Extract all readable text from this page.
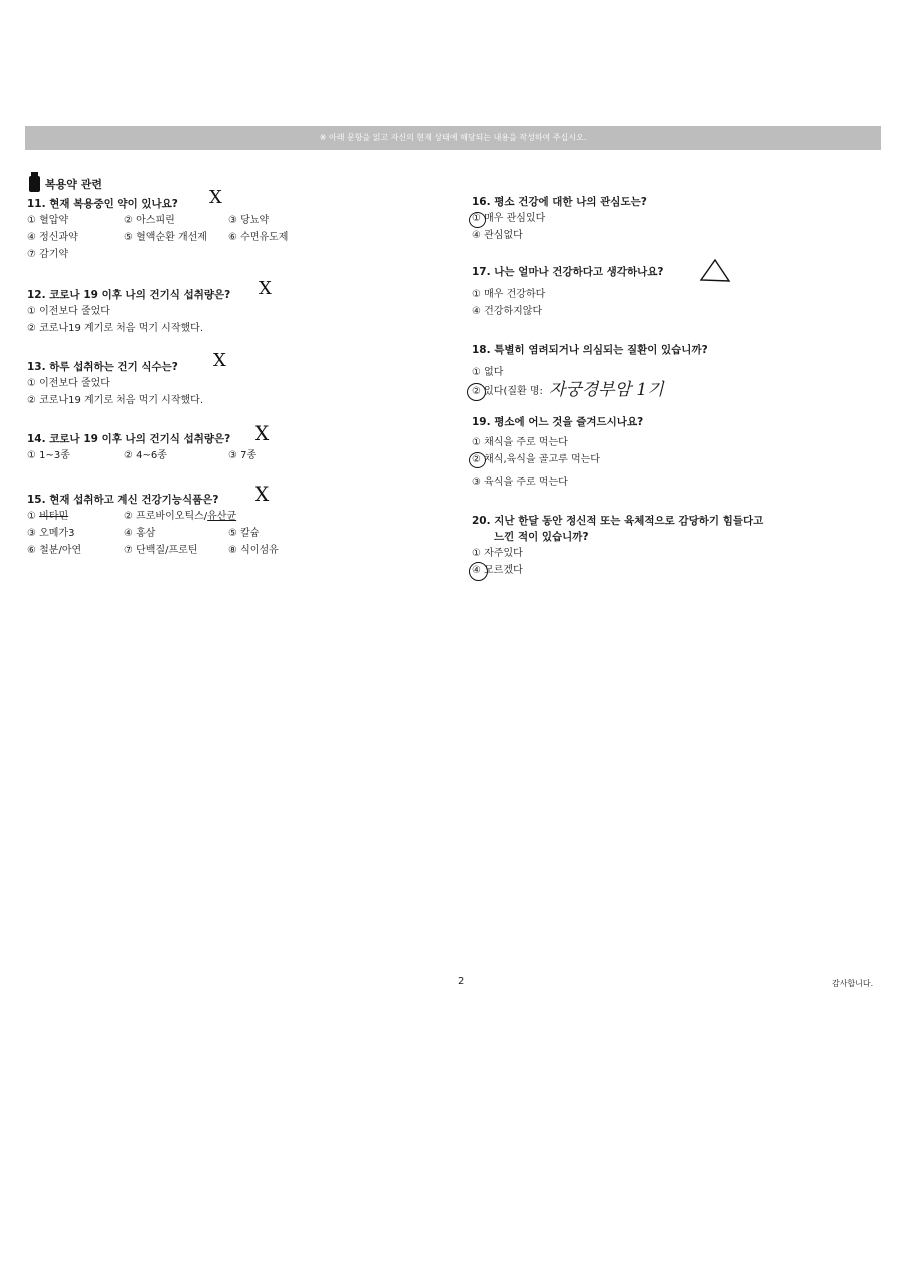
※ 아래 문항을 읽고 자신의 현재 상태에 해당되는 내용을 작성하여 주십시오.
복용약 관련
11. 현재 복용중인 약이 있나요? X
① 혈압약	② 아스피린	③ 당뇨약
④ 정신과약	⑤ 혈액순환 개선제	⑥ 수면유도제
⑦ 감기약
12. 코로나 19 이후 나의 건기식 섭취량은? X
① 이전보다 줄었다
② 코로나19 계기로 처음 먹기 시작했다.
13. 하루 섭취하는 건기 식수는? X
① 이전보다 줄었다
② 코로나19 계기로 처음 먹기 시작했다.
14. 코로나 19 이후 나의 건기식 섭취량은? X
① 1~3종	② 4~6종	③ 7종
15. 현재 섭취하고 계신 건강기능식품은? X
① 비타민	② 프로바이오틱스/유산균
③ 오메가3	④ 홍삼	⑤ 칼슘
⑥ 철분/아연	⑦ 단백질/프로틴	⑧ 식이섬유
16. 평소 건강에 대한 나의 관심도는?
① 매우 관심있다
④ 관심없다
17. 나는 얼마나 건강하다고 생각하나요?
① 매우 건강하다
④ 건강하지않다
18. 특별히 염려되거나 의심되는 질환이 있습니까?
① 없다
② 있다(질환 명: 자궁경부암 1기
19. 평소에 어느 것을 즐겨드시나요?
① 채식을 주로 먹는다
② 채식,육식을 골고루 먹는다
③ 육식을 주로 먹는다
20. 지난 한달 동안 정신적 또는 육체적으로 감당하기 힘들다고
느낀 적이 있습니까?
① 자주있다
④ 모르겠다
2	감사합니다.
